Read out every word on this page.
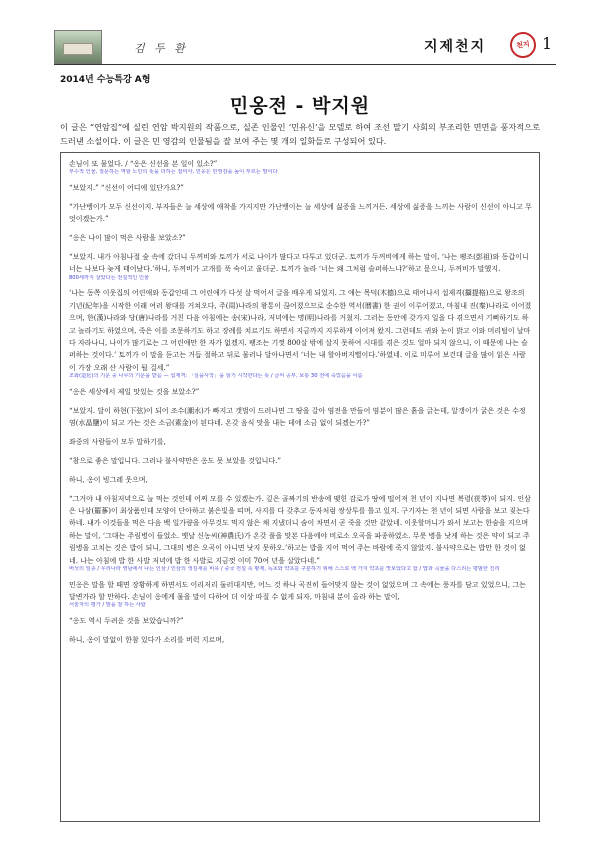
김 두 환	지제천지	천지 1
2014년 수능특강 A형
민옹전 - 박지원
이 글은 “연암집”에 실린 연암 박지원의 작품으로, 실존 인물인 ‘민유신’을 모델로 하여 조선 말기 사회의 부조리한 면면을 풍자적으로 드러낸 소설이다. 이 글은 민 영감의 인물됨을 잘 보여 주는 몇 개의 일화들로 구성되어 있다.

손님이 또 물었다. / “옹은 신선을 본 일이 있소?”
부수적 인물, 질문하는 역할 노인의 뜻을 더하는 접미사, 민옹은 민영감을 높이 부르는 말이다

“보았지.” “신선이 어디에 있단가요?”

“가난뱅이가 모두 신선이지. 부자들은 늘 세상에 애착을 가지지만 가난뱅이는 늘 세상에 싫증을 느끼거든. 세상에 싫증을 느끼는 사람이 신선이 아니고 무엇이겠는가.”

“옹은 나이 많이 먹은 사람을 보았소?”

“보았지. 내가 아침나절 숲 속에 갔더니 두꺼비와 토끼가 서로 나이가 많다고 다투고 있더군. 토끼가 두꺼비에게 하는 말이, ‘나는 팽조(彭祖)와 동갑이니 너는 나보다 늦게 태어났다.’하니, 두꺼비가 고개를 푹 숙이고 울더군. 토끼가 놀라 ‘너는 왜 그처럼 슬퍼하느냐?’하고 묻으니, 두꺼비가 말했지.
800세까지 살았다는 전설적인 인물

‘나는 동쪽 이웃집의 어린애와 동갑인데 그 어린애가 다섯 살 먹어서 글을 배우게 되었지. 그 애는 목덕(木德)으로 태어나서 섭제격(攝提格)으로 왕조의 기년(紀年)을 시작한 이래 여러 왕대를 거쳐오다, 주(周)나라의 왕통이 끊어졌으므로 순수한 역서(曆書) 한 권이 이루어졌고, 마침내 진(秦)나라로 이어졌으며, 한(漢)나라와 당(唐)나라를 거친 다음 아침에는 송(宋)나라, 저녁에는 명(明)나라를 거쳤지. 그러는 동안에 갖가지 일을 다 겪으면서 기뻐하기도 하고 놀라기도 하였으며, 죽은 이를 조문하기도 하고 장례를 치르기도 하면서 지금까지 지루하게 이어져 왔지. 그런데도 귀와 눈이 밝고 이와 머리털이 날마다 자라나니, 나이가 많기로는 그 어린애만 한 자가 없겠지. 팽조는 기껏 800살 밖에 살지 못하여 시대를 겪은 것도 얼마 되지 않으니, 이 때문에 나는 슬퍼하는 것이다.’ 토끼가 이 말을 듣고는 거듭 절하고 뒤로 물러나 달아나면서 ‘너는 내 할아버지뻘이다.’하였네. 이로 미루어 보건대 글을 많이 읽은 사람이 가장 오래 산 사람이 될 걸세.”
조화(造化)의 기운 중 나무의 기운을 받음 — 섭제격: 「실을사작」을 읽기 시작한다는 뜻 / 글씨 공부, 보통 30 전에 죽었음을 이름

“옹은 세상에서 제일 맛있는 것을 보았소?”

“보았지. 달이 하현(下弦)이 되어 조수(潮水)가 빠지고 갯벌이 드러나면 그 땅을 갈아 염전을 만들어 염분이 많은 흙을 긁는데, 알갱이가 굵은 것은 수정염(水晶鹽)이 되고 가는 것은 소금(素金)이 된다네. 온갖 음식 맛을 내는 데에 소금 없이 되겠는가?”

좌중의 사람들이 모두 말하기를,

“참으로 좋은 말입니다. 그러나 불사약만은 옹도 못 보았을 것입니다.”

하니, 옹이 빙그레 웃으며,

“그거야 내 아침저녁으로 늘 먹는 것인데 어찌 모를 수 있겠는가. 깊은 골짜기의 반송에 맺힌 감로가 땅에 떨어져 천 년이 지나면 복령(茯苓)이 되지. 인삼은 나삼(羅蔘)이 최상품인데 모양이 단아하고 붉은빛을 띠며, 사지를 다 갖추고 동자처럼 쌍상투를 틀고 있지. 구기자는 천 년이 되면 사람을 보고 짖는다 하네. 내가 이것들을 먹은 다음 백 일가량을 아무것도 먹지 않은 채 지냈더니 숨이 차면서 곧 죽을 것만 같았네. 이웃할머니가 와서 보고는 한숨을 지으며 하는 말이, ‘그대는 주림병이 들었소. 옛날 신농씨(神農氏)가 온갖 풀을 맛본 다음에야 비로소 오곡을 파종하였소. 무릇 병을 낫게 하는 것은 약이 되고 주림병을 고치는 것은 밥이 되니, 그대의 병은 오곡이 아니면 낫지 못하오.’하고는 밥을 지어 먹여 주는 바람에 죽지 않았지. 불사약으로는 밥만 한 것이 없네. 나는 아침에 밥 한 사발 저녁에 밥 한 사발로 지금껏 이미 70여 년을 살았다네.”
버섯의 일종 / 우리나라 영남에서 나는 인삼 / 인삼의 생김새를 비유 / 중국 전설 속 황제, 독초와 약초를 구분하기 위해 스스로 백 가지 약초를 맛보았다고 함 / 밥과 곡물을 다스리는 평범한 진리

민옹은 말을 할 때면 장황하게 하면서도 이리저리 둘러대지만, 어느 것 하나 곡진히 들어맞지 않는 것이 없었으며 그 속에는 풍자를 담고 있었으니, 그는 달변가라 할 만하다. 손님이 옹에게 물을 말이 다하여 더 이상 따질 수 없게 되자, 마침내 분이 올라 하는 말이,
서술자의 평가 / 말을 잘 하는 사람

“옹도 역시 두려운 것을 보았습니까?”

하니, 옹이 말없이 한참 있다가 소리를 버럭 지르며,
